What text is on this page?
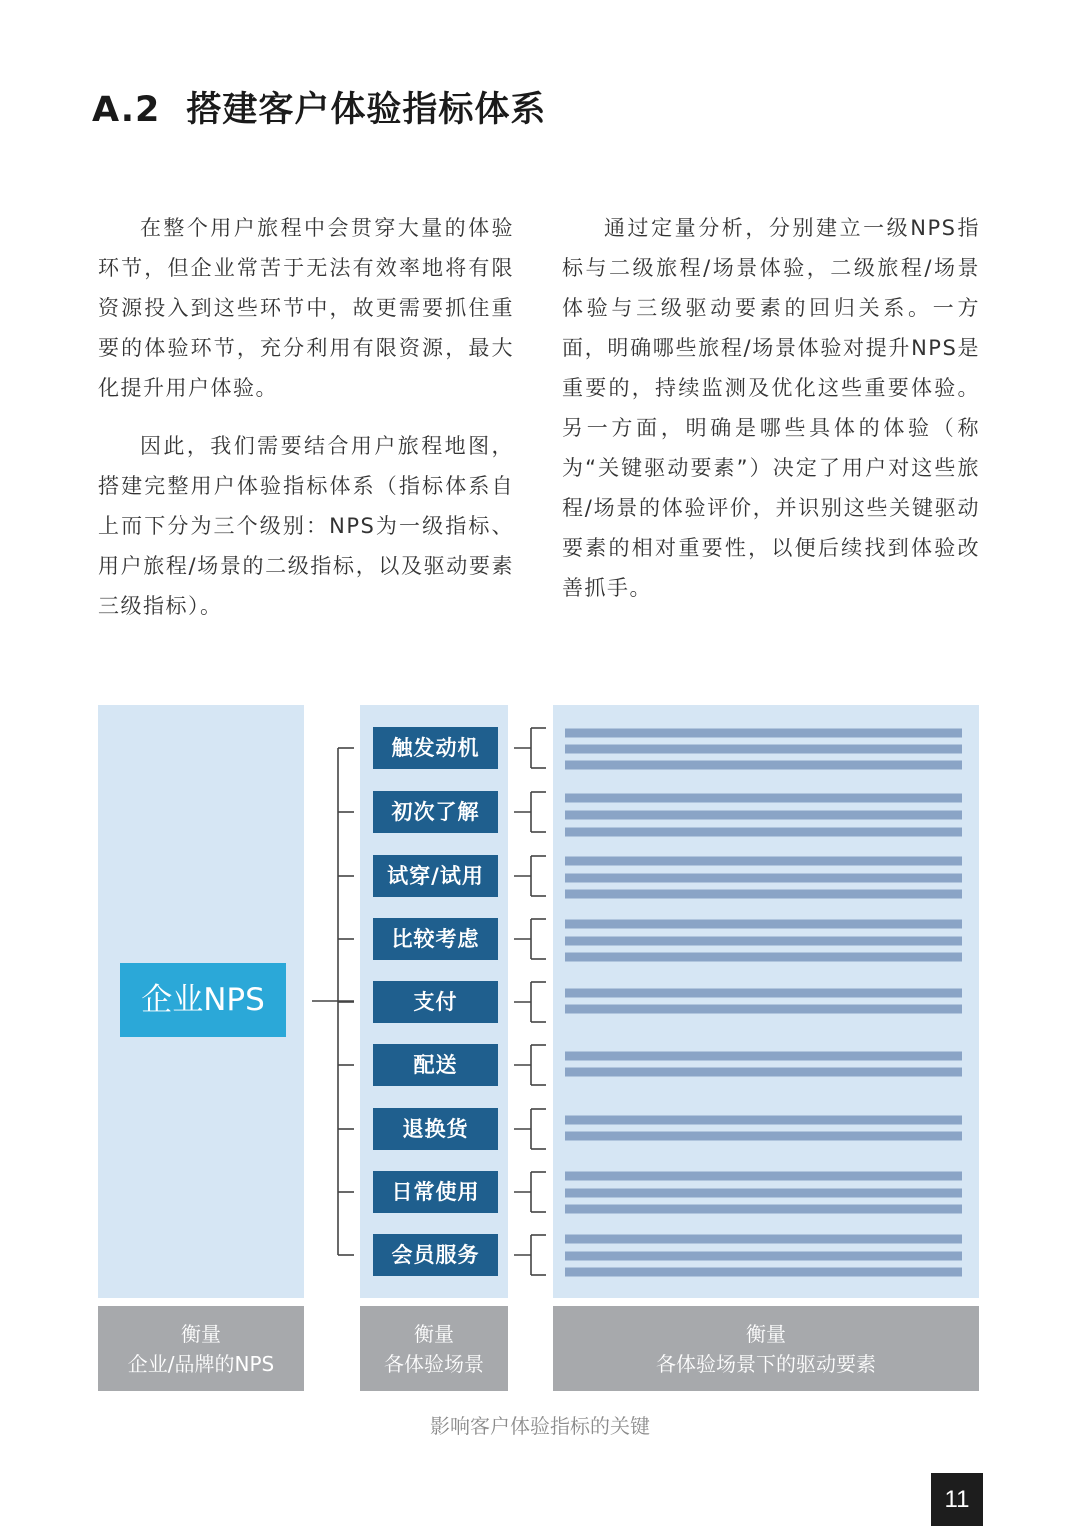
A.2 搭建客户体验指标体系

在整个用户旅程中会贯穿大量的体验环节，但企业常苦于无法有效率地将有限资源投入到这些环节中，故更需要抓住重要的体验环节，充分利用有限资源，最大化提升用户体验。

因此，我们需要结合用户旅程地图，搭建完整用户体验指标体系（指标体系自上而下分为三个级别：NPS为一级指标、用户旅程/场景的二级指标，以及驱动要素三级指标）。

通过定量分析，分别建立一级NPS指标与二级旅程/场景体验，二级旅程/场景体验与三级驱动要素的回归关系。一方面，明确哪些旅程/场景体验对提升NPS是重要的，持续监测及优化这些重要体验。另一方面，明确是哪些具体的体验（称为“关键驱动要素”）决定了用户对这些旅程/场景的体验评价，并识别这些关键驱动要素的相对重要性，以便后续找到体验改善抓手。

企业NPS
触发动机
初次了解
试穿/试用
比较考虑
支付
配送
退换货
日常使用
会员服务
衡量
企业/品牌的NPS
衡量
各体验场景
衡量
各体验场景下的驱动要素
影响客户体验指标的关键
11
